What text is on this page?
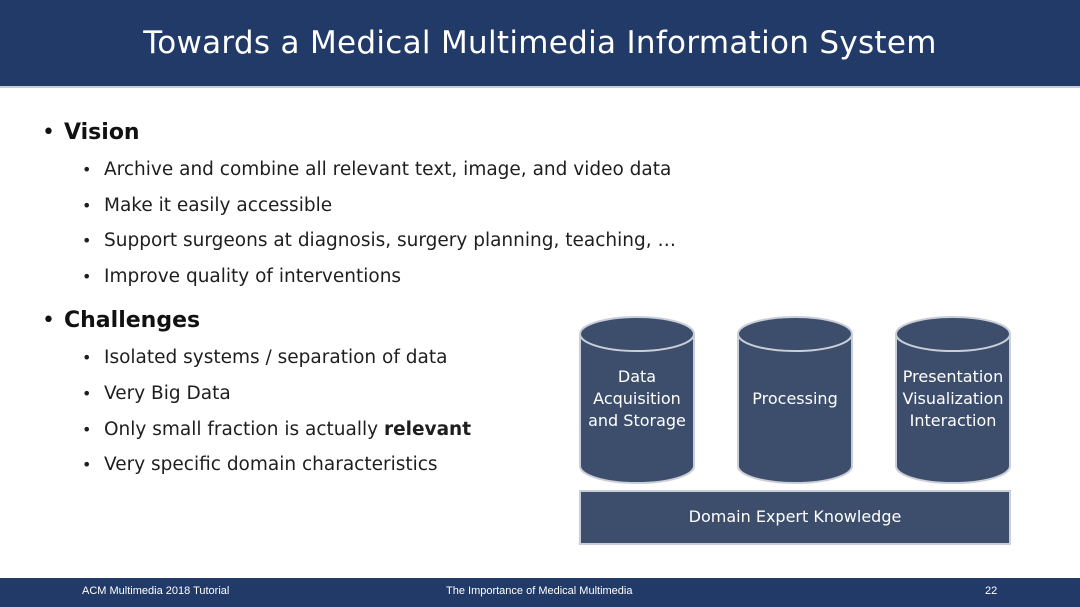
Towards a Medical Multimedia Information System
• Vision
• Archive and combine all relevant text, image, and video data
• Make it easily accessible
• Support surgeons at diagnosis, surgery planning, teaching, …
• Improve quality of interventions
• Challenges
• Isolated systems / separation of data
• Very Big Data
• Only small fraction is actually relevant
• Very specific domain characteristics
Data
Acquisition
and Storage
Processing
Presentation
Visualization
Interaction
Domain Expert Knowledge
ACM Multimedia 2018 Tutorial	The Importance of Medical Multimedia	22
